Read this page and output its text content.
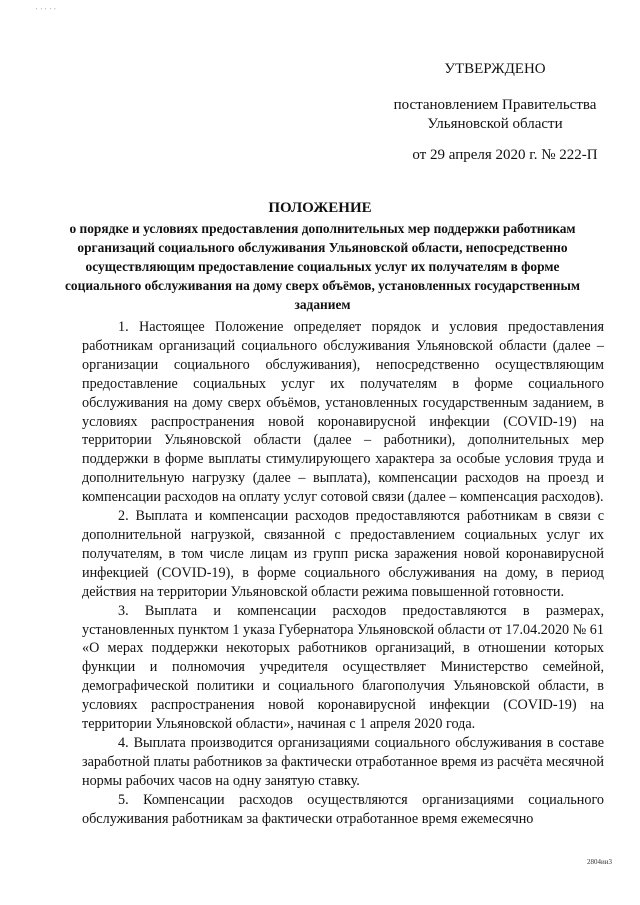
' ' ' ' '
УТВЕРЖДЕНО
постановлением Правительства
Ульяновской области
от 29 апреля 2020 г. № 222-П
ПОЛОЖЕНИЕ
о порядке и условиях предоставления дополнительных мер поддержки работникам организаций социального обслуживания Ульяновской области, непосредственно осуществляющим предоставление социальных услуг их получателям в форме социального обслуживания на дому сверх объёмов, установленных государственным заданием

1. Настоящее Положение определяет порядок и условия предоставления работникам организаций социального обслуживания Ульяновской области (далее – организации социального обслуживания), непосредственно осуществляющим предоставление социальных услуг их получателям в форме социального обслуживания на дому сверх объёмов, установленных государственным заданием, в условиях распространения новой коронавирусной инфекции (COVID-19) на территории Ульяновской области (далее – работники), дополнительных мер поддержки в форме выплаты стимулирующего характера за особые условия труда и дополнительную нагрузку (далее – выплата), компенсации расходов на проезд и компенсации расходов на оплату услуг сотовой связи (далее – компенсация расходов).

2. Выплата и компенсации расходов предоставляются работникам в связи с дополнительной нагрузкой, связанной с предоставлением социальных услуг их получателям, в том числе лицам из групп риска заражения новой коронавирусной инфекцией (COVID-19), в форме социального обслуживания на дому, в период действия на территории Ульяновской области режима повышенной готовности.

3. Выплата и компенсации расходов предоставляются в размерах, установленных пунктом 1 указа Губернатора Ульяновской области от 17.04.2020 № 61 «О мерах поддержки некоторых работников организаций, в отношении которых функции и полномочия учредителя осуществляет Министерство семейной, демографической политики и социального благополучия Ульяновской области, в условиях распространения новой коронавирусной инфекции (COVID-19) на территории Ульяновской области», начиная с 1 апреля 2020 года.

4. Выплата производится организациями социального обслуживания в составе заработной платы работников за фактически отработанное время из расчёта месячной нормы рабочих часов на одну занятую ставку.

5. Компенсации расходов осуществляются организациями социального обслуживания работникам за фактически отработанное время ежемесячно

2804ии3
